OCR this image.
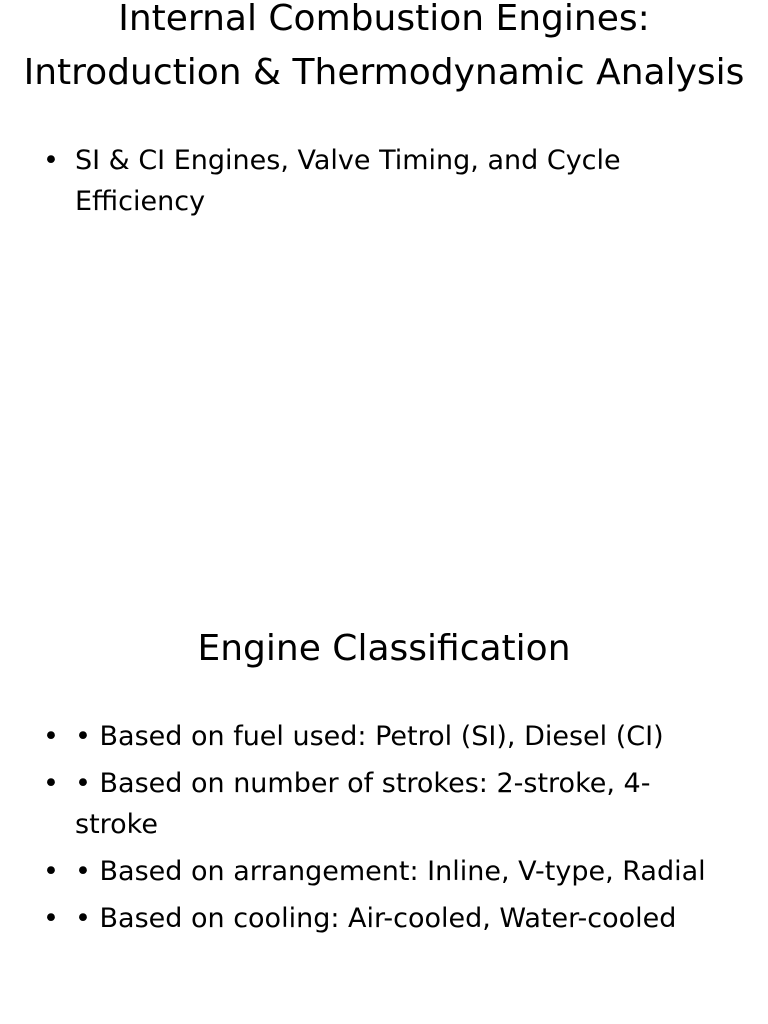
Internal Combustion Engines: Introduction & Thermodynamic Analysis
• SI & CI Engines, Valve Timing, and Cycle Efficiency
Engine Classification
• • Based on fuel used: Petrol (SI), Diesel (CI)
• • Based on number of strokes: 2-stroke, 4-stroke
• • Based on arrangement: Inline, V-type, Radial
• • Based on cooling: Air-cooled, Water-cooled
